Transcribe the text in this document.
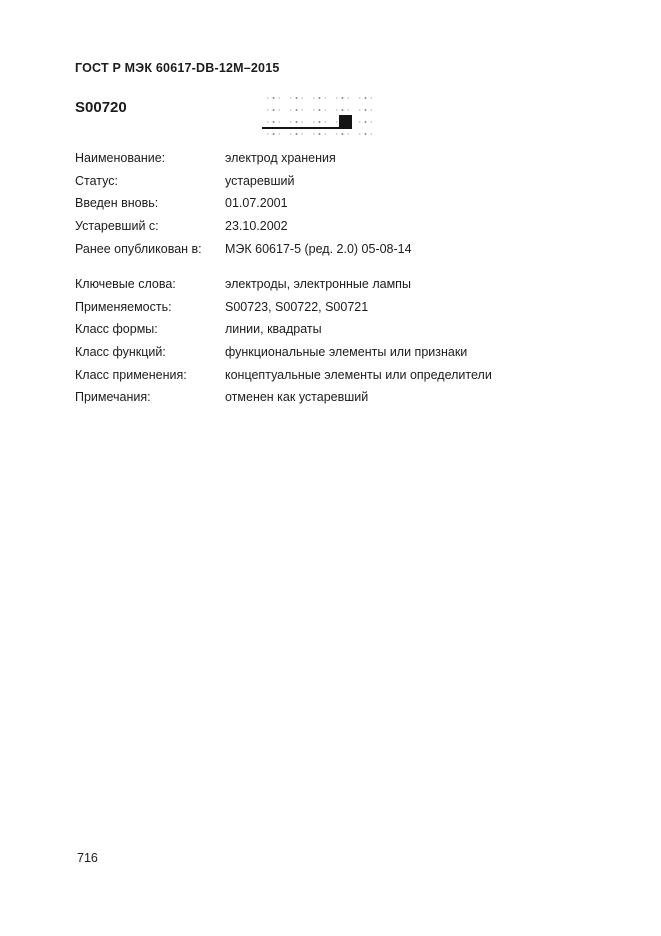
ГОСТ Р МЭК 60617-DB-12M–2015
S00720
Наименование:	электрод хранения
Статус:	устаревший
Введен вновь:	01.07.2001
Устаревший с:	23.10.2002
Ранее опубликован в:	МЭК 60617-5 (ред. 2.0) 05-08-14
Ключевые слова:	электроды, электронные лампы
Применяемость:	S00723, S00722, S00721
Класс формы:	линии, квадраты
Класс функций:	функциональные элементы или признаки
Класс применения:	концептуальные элементы или определители
Примечания:	отменен как устаревший
716
